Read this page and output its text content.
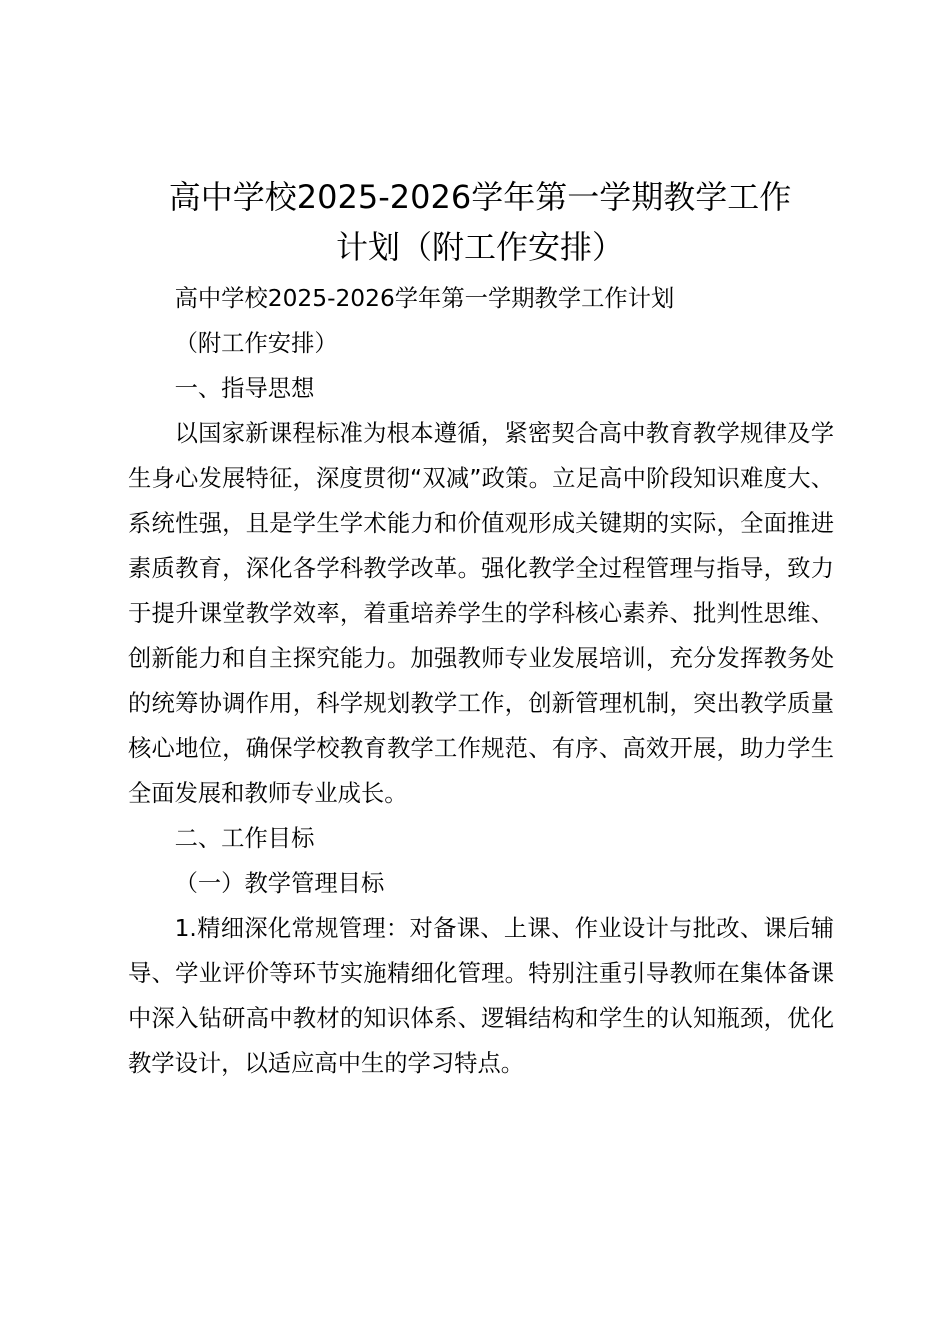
高中学校2025-2026学年第一学期教学工作
计划（附工作安排）

高中学校2025-2026学年第一学期教学工作计划

（附工作安排）

一、指导思想

以国家新课程标准为根本遵循，紧密契合高中教育教学规律及学生身心发展特征，深度贯彻“双减”政策。立足高中阶段知识难度大、系统性强，且是学生学术能力和价值观形成关键期的实际，全面推进素质教育，深化各学科教学改革。强化教学全过程管理与指导，致力于提升课堂教学效率，着重培养学生的学科核心素养、批判性思维、创新能力和自主探究能力。加强教师专业发展培训，充分发挥教务处的统筹协调作用，科学规划教学工作，创新管理机制，突出教学质量核心地位，确保学校教育教学工作规范、有序、高效开展，助力学生全面发展和教师专业成长。

二、工作目标

（一）教学管理目标

1.精细深化常规管理：对备课、上课、作业设计与批改、课后辅导、学业评价等环节实施精细化管理。特别注重引导教师在集体备课中深入钻研高中教材的知识体系、逻辑结构和学生的认知瓶颈，优化教学设计，以适应高中生的学习特点。
